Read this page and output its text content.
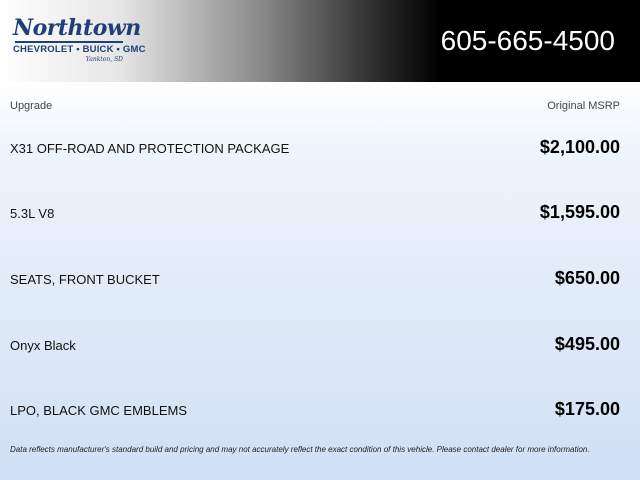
Northtown
CHEVROLET • BUICK • GMC
Yankton, SD
605-665-4500
Upgrade	Original MSRP
X31 OFF-ROAD AND PROTECTION PACKAGE	$2,100.00
5.3L V8	$1,595.00
SEATS, FRONT BUCKET	$650.00
Onyx Black	$495.00
LPO, BLACK GMC EMBLEMS	$175.00
Data reflects manufacturer's standard build and pricing and may not accurately reflect the exact condition of this vehicle. Please contact dealer for more information.
